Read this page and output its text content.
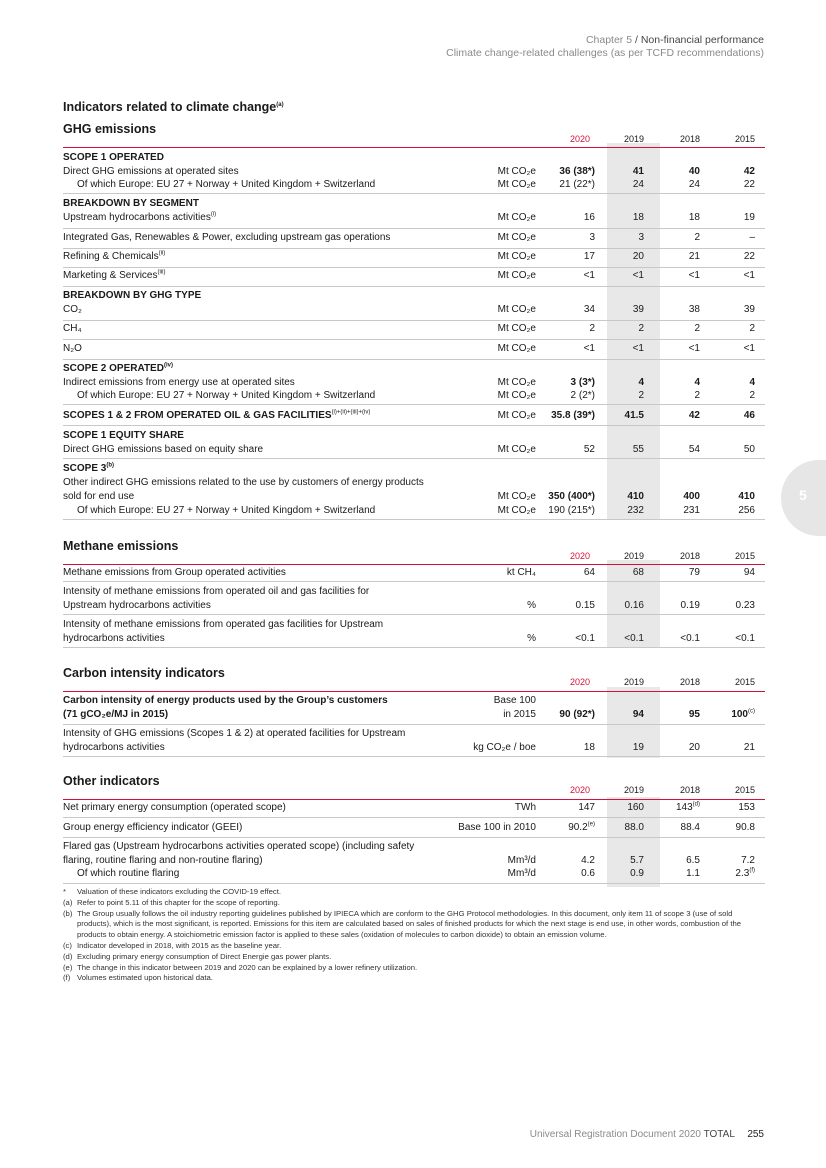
Chapter 5 / Non-financial performance
Climate change-related challenges (as per TCFD recommendations)
5
Indicators related to climate change$^{(a)}$
GHG emissions
2020	2019	2018	2015
SCOPE 1 OPERATED
Direct GHG emissions at operated sites	Mt CO₂e	36 (38*)	41	40	42
Of which Europe: EU 27 + Norway + United Kingdom + Switzerland	Mt CO₂e	21 (22*)	24	24	22
BREAKDOWN BY SEGMENT
Upstream hydrocarbons activities$^{(i)}$	Mt CO₂e	16	18	18	19
Integrated Gas, Renewables & Power, excluding upstream gas operations	Mt CO₂e	3	3	2	–
Refining & Chemicals$^{(ii)}$	Mt CO₂e	17	20	21	22
Marketing & Services$^{(iii)}$	Mt CO₂e	<1	<1	<1	<1
BREAKDOWN BY GHG TYPE
CO₂	Mt CO₂e	34	39	38	39
CH₄	Mt CO₂e	2	2	2	2
N₂O	Mt CO₂e	<1	<1	<1	<1
SCOPE 2 OPERATED$^{(iv)}$
Indirect emissions from energy use at operated sites	Mt CO₂e	3 (3*)	4	4	4
Of which Europe: EU 27 + Norway + United Kingdom + Switzerland	Mt CO₂e	2 (2*)	2	2	2
SCOPES 1 & 2 FROM OPERATED OIL & GAS $FACILITIES^{(i)+(ii)+(iii)+(iv)}$	Mt CO₂e	35.8 (39*)	41.5	42	46
SCOPE 1 EQUITY SHARE
Direct GHG emissions based on equity share	Mt CO₂e	52	55	54	50
SCOPE 3$^{(b)}$
Other indirect GHG emissions related to the use by customers of energy products
sold for end use	Mt CO₂e	350 (400*)	410	400	410
Of which Europe: EU 27 + Norway + United Kingdom + Switzerland	Mt CO₂e	190 (215*)	232	231	256
Methane emissions
2020	2019	2018	2015
Methane emissions from Group operated activities	kt CH₄	64	68	79	94
Intensity of methane emissions from operated oil and gas facilities for
Upstream hydrocarbons activities	%	0.15	0.16	0.19	0.23
Intensity of methane emissions from operated gas facilities for Upstream
hydrocarbons activities	%	<0.1	<0.1	<0.1	<0.1
Carbon intensity indicators
2020	2019	2018	2015
Carbon intensity of energy products used by the Group’s customers	Base 100
(71 gCO₂e/MJ in 2015)	in 2015	90 (92*)	94	95	100$^{(c)}$
Intensity of GHG emissions (Scopes 1 & 2) at operated facilities for Upstream
hydrocarbons activities	kg CO₂e / boe	18	19	20	21
Other indicators
2020	2019	2018	2015
Net primary energy consumption (operated scope)	TWh	147	160	143$^{(d)}$	153
Group energy efficiency indicator (GEEI)	Base 100 in 2010	90.2$^{(e)}$	88.0	88.4	90.8
Flared gas (Upstream hydrocarbons activities operated scope) (including safety
flaring, routine flaring and non-routine flaring)	Mm³/d	4.2	5.7	6.5	7.2
Of which routine flaring	Mm³/d	0.6	0.9	1.1	2.3$^{(f)}$
* Valuation of these indicators excluding the COVID-19 effect.
(a) Refer to point 5.11 of this chapter for the scope of reporting.
(b) The Group usually follows the oil industry reporting guidelines published by IPIECA which are conform to the GHG Protocol methodologies. In this document, only item 11 of scope 3 (use of sold products), which is the most significant, is reported. Emissions for this item are calculated based on sales of finished products for which the next stage is end use, in other words, combustion of the products to obtain energy. A stoichiometric emission factor is applied to these sales (oxidation of molecules to carbon dioxide) to obtain an emission volume.
(c) Indicator developed in 2018, with 2015 as the baseline year.
(d) Excluding primary energy consumption of Direct Energie gas power plants.
(e) The change in this indicator between 2019 and 2020 can be explained by a lower refinery utilization.
(f) Volumes estimated upon historical data.
Universal Registration Document 2020 TOTAL 255
